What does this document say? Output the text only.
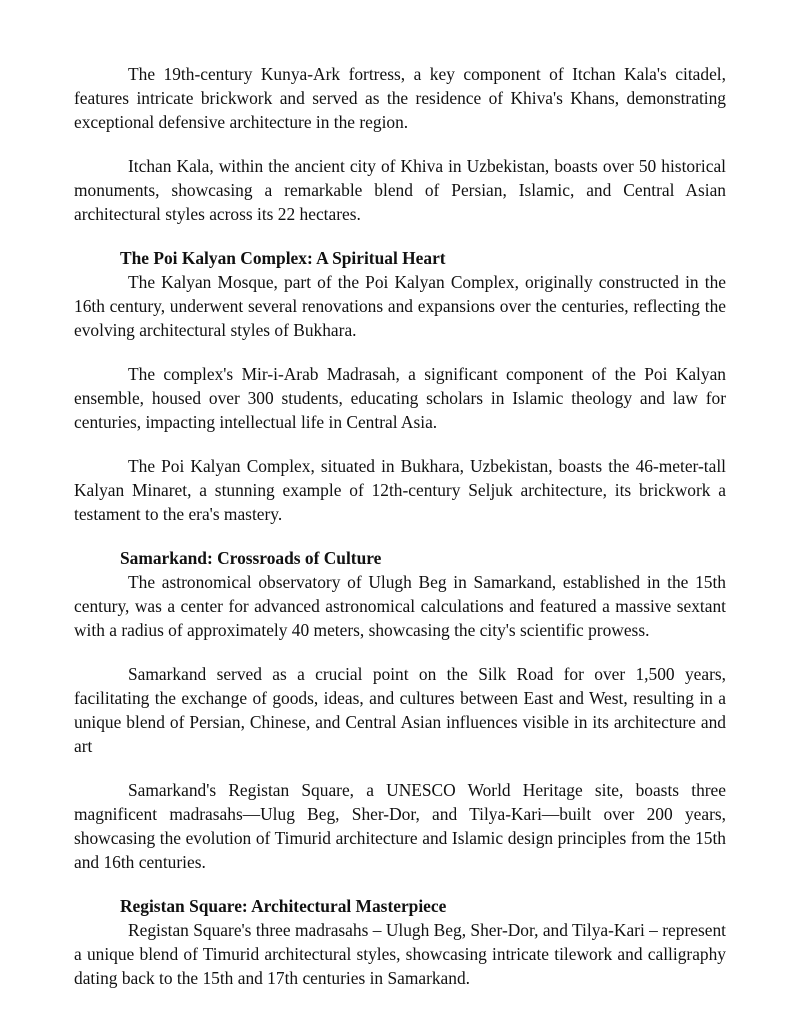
The 19th-century Kunya-Ark fortress, a key component of Itchan Kala's citadel, features intricate brickwork and served as the residence of Khiva's Khans, demonstrating exceptional defensive architecture in the region.

Itchan Kala, within the ancient city of Khiva in Uzbekistan, boasts over 50 historical monuments, showcasing a remarkable blend of Persian, Islamic, and Central Asian architectural styles across its 22 hectares.

The Poi Kalyan Complex: A Spiritual Heart

The Kalyan Mosque, part of the Poi Kalyan Complex, originally constructed in the 16th century, underwent several renovations and expansions over the centuries, reflecting the evolving architectural styles of Bukhara.

The complex's Mir-i-Arab Madrasah, a significant component of the Poi Kalyan ensemble, housed over 300 students, educating scholars in Islamic theology and law for centuries, impacting intellectual life in Central Asia.

The Poi Kalyan Complex, situated in Bukhara, Uzbekistan, boasts the 46-meter-tall Kalyan Minaret, a stunning example of 12th-century Seljuk architecture, its brickwork a testament to the era's mastery.

Samarkand: Crossroads of Culture

The astronomical observatory of Ulugh Beg in Samarkand, established in the 15th century, was a center for advanced astronomical calculations and featured a massive sextant with a radius of approximately 40 meters, showcasing the city's scientific prowess.

Samarkand served as a crucial point on the Silk Road for over 1,500 years, facilitating the exchange of goods, ideas, and cultures between East and West, resulting in a unique blend of Persian, Chinese, and Central Asian influences visible in its architecture and art

Samarkand's Registan Square, a UNESCO World Heritage site, boasts three magnificent madrasahs—Ulug Beg, Sher-Dor, and Tilya-Kari—built over 200 years, showcasing the evolution of Timurid architecture and Islamic design principles from the 15th and 16th centuries.

Registan Square: Architectural Masterpiece

Registan Square's three madrasahs – Ulugh Beg, Sher-Dor, and Tilya-Kari – represent a unique blend of Timurid architectural styles, showcasing intricate tilework and calligraphy dating back to the 15th and 17th centuries in Samarkand.
